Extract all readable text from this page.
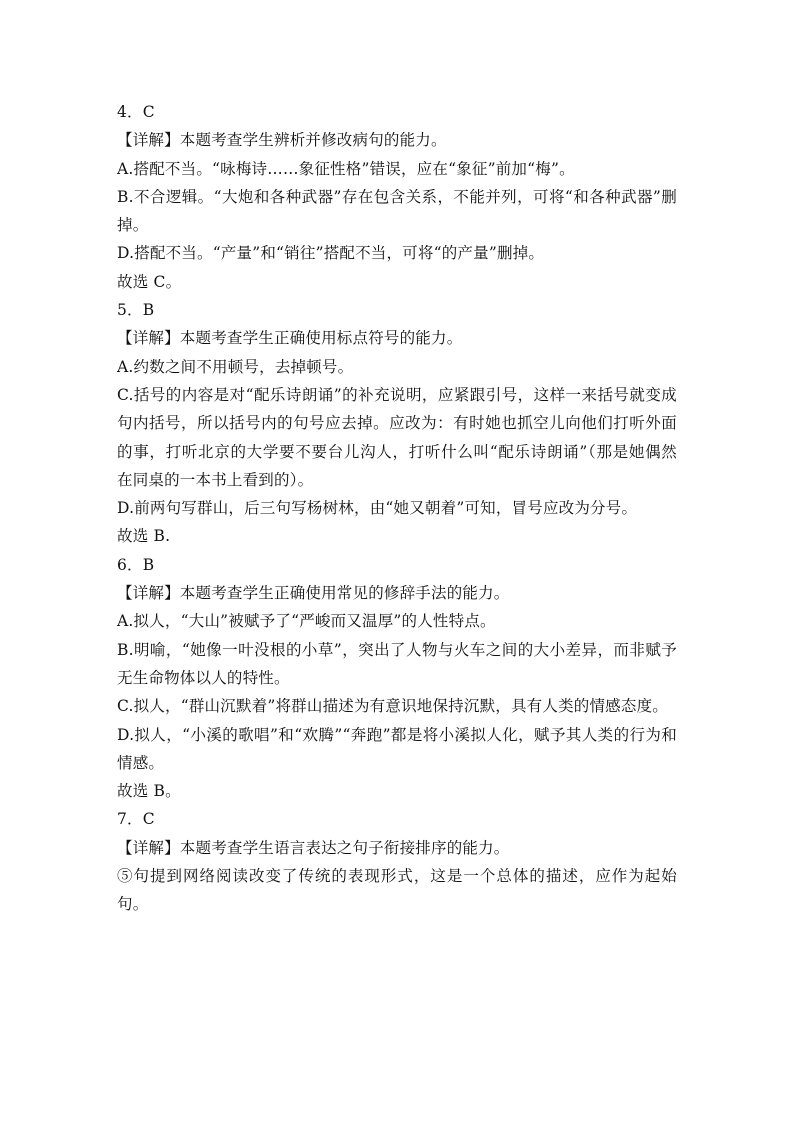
4．C
【详解】本题考查学生辨析并修改病句的能力。
A.搭配不当。“咏梅诗……象征性格”错误，应在“象征”前加“梅”。
B.不合逻辑。“大炮和各种武器”存在包含关系，不能并列，可将“和各种武器”删
掉。
D.搭配不当。“产量”和“销往”搭配不当，可将“的产量”删掉。
故选 C。
5．B
【详解】本题考查学生正确使用标点符号的能力。
A.约数之间不用顿号，去掉顿号。
C.括号的内容是对“配乐诗朗诵”的补充说明，应紧跟引号，这样一来括号就变成
句内括号，所以括号内的句号应去掉。应改为：有时她也抓空儿向他们打听外面
的事，打听北京的大学要不要台儿沟人，打听什么叫“配乐诗朗诵”（那是她偶然
在同桌的一本书上看到的）。
D.前两句写群山，后三句写杨树林，由“她又朝着”可知，冒号应改为分号。
故选 B.
6．B
【详解】本题考查学生正确使用常见的修辞手法的能力。
A.拟人，“大山”被赋予了“严峻而又温厚”的人性特点。
B.明喻，“她像一叶没根的小草”，突出了人物与火车之间的大小差异，而非赋予
无生命物体以人的特性。
C.拟人，“群山沉默着”将群山描述为有意识地保持沉默，具有人类的情感态度。
D.拟人，“小溪的歌唱”和“欢腾”“奔跑”都是将小溪拟人化，赋予其人类的行为和
情感。
故选 B。
7．C
【详解】本题考查学生语言表达之句子衔接排序的能力。
⑤句提到网络阅读改变了传统的表现形式，这是一个总体的描述，应作为起始
句。
